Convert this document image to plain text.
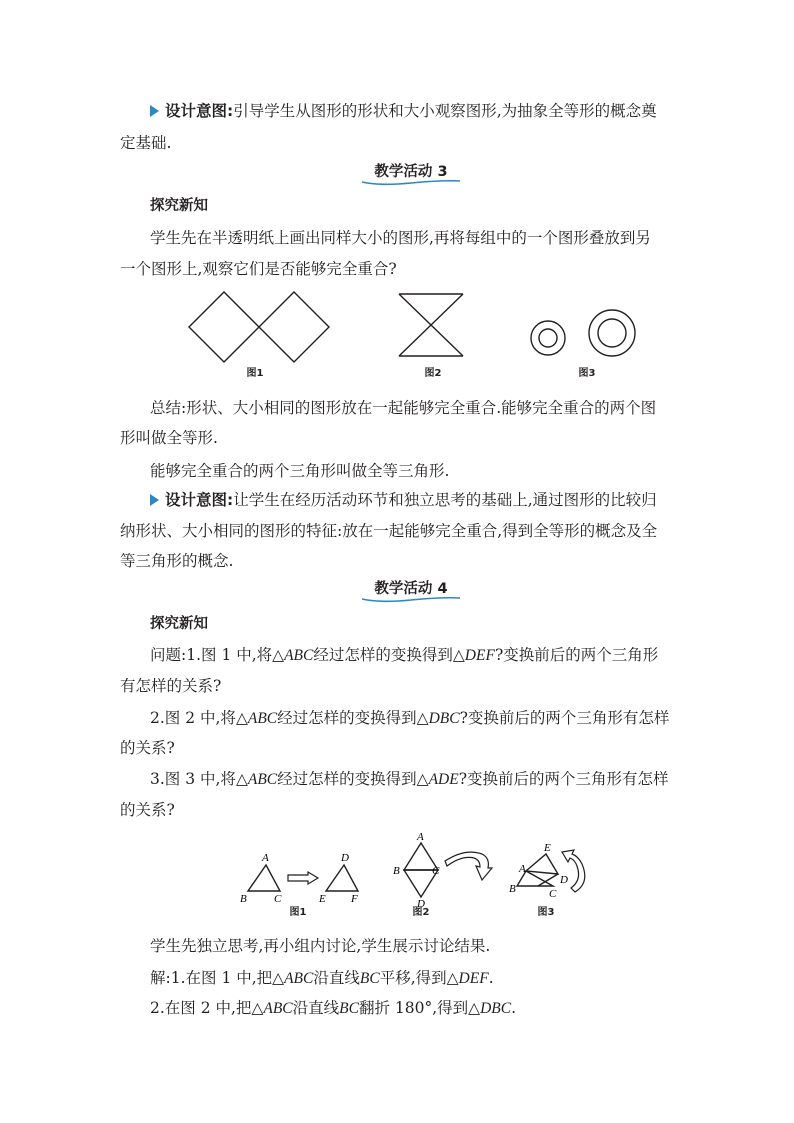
设计意图:引导学生从图形的形状和大小观察图形,为抽象全等形的概念奠
定基础.
教学活动 3
探究新知
学生先在半透明纸上画出同样大小的图形,再将每组中的一个图形叠放到另
一个图形上,观察它们是否能够完全重合?
图1	图2	图3
总结:形状、大小相同的图形放在一起能够完全重合.能够完全重合的两个图
形叫做全等形.
能够完全重合的两个三角形叫做全等三角形.
设计意图:让学生在经历活动环节和独立思考的基础上,通过图形的比较归
纳形状、大小相同的图形的特征:放在一起能够完全重合,得到全等形的概念及全
等三角形的概念.
教学活动 4
探究新知
问题:1.图 1 中,将△ABC经过怎样的变换得到△DEF?变换前后的两个三角形
有怎样的关系?
2.图 2 中,将△ABC经过怎样的变换得到△DBC?变换前后的两个三角形有怎样
的关系?
3.图 3 中,将△ABC经过怎样的变换得到△ADE?变换前后的两个三角形有怎样
的关系?
A
B C
D
E F
A
B	C
D
E
A
B	C
D
图1	图2	图3
学生先独立思考,再小组内讨论,学生展示讨论结果.
解:1.在图 1 中,把△ABC沿直线BC平移,得到△DEF.
2.在图 2 中,把△ABC沿直线BC翻折 180°,得到△DBC.
